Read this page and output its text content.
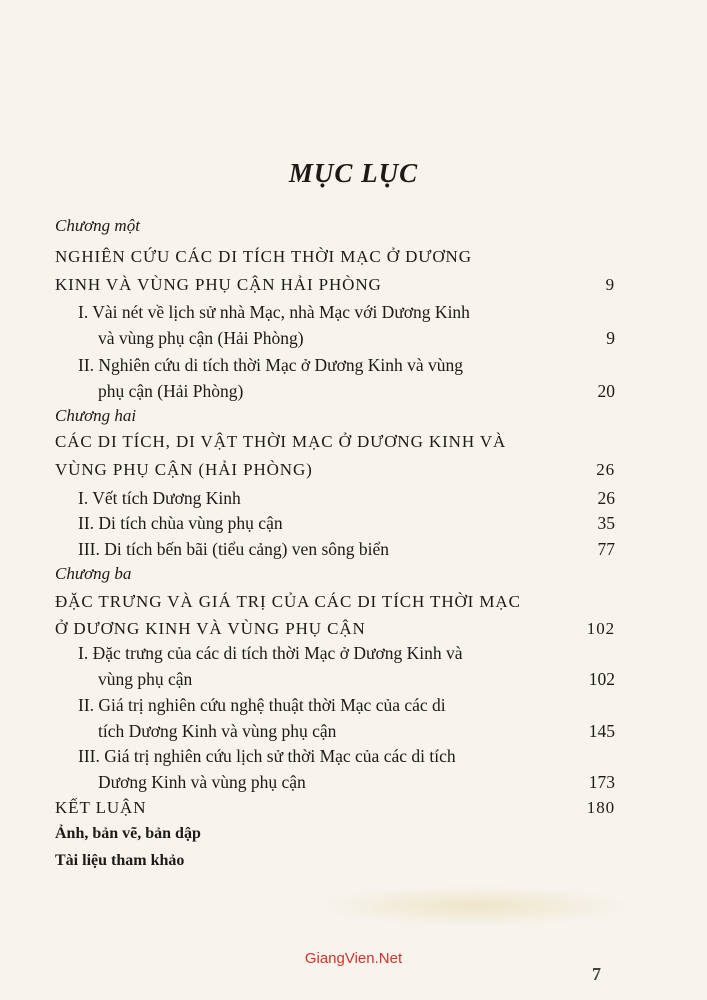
MỤC LỤC
Chương một
NGHIÊN CỨU CÁC DI TÍCH THỜI MẠC Ở DƯƠNG
KINH VÀ VÙNG PHỤ CẬN HẢI PHÒNG	9
I. Vài nét về lịch sử nhà Mạc, nhà Mạc với Dương Kinh
và vùng phụ cận (Hải Phòng)	9
II. Nghiên cứu di tích thời Mạc ở Dương Kinh và vùng
phụ cận (Hải Phòng)	20
Chương hai
CÁC DI TÍCH, DI VẬT THỜI MẠC Ở DƯƠNG KINH VÀ
VÙNG PHỤ CẬN (HẢI PHÒNG)	26
I. Vết tích Dương Kinh	26
II. Di tích chùa vùng phụ cận	35
III. Di tích bến bãi (tiểu cảng) ven sông biển	77
Chương ba
ĐẶC TRƯNG VÀ GIÁ TRỊ CỦA CÁC DI TÍCH THỜI MẠC
Ở DƯƠNG KINH VÀ VÙNG PHỤ CẬN	102
I. Đặc trưng của các di tích thời Mạc ở Dương Kinh và
vùng phụ cận	102
II. Giá trị nghiên cứu nghệ thuật thời Mạc của các di
tích Dương Kinh và vùng phụ cận	145
III. Giá trị nghiên cứu lịch sử thời Mạc của các di tích
Dương Kinh và vùng phụ cận	173
KẾT LUẬN	180
Ảnh, bản vẽ, bản dập
Tài liệu tham khảo
GiangVien.Net
7
